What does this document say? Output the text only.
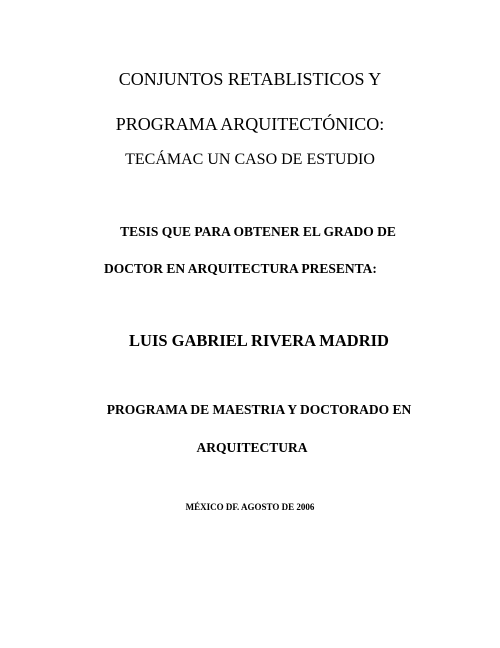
CONJUNTOS RETABLISTICOS Y
PROGRAMA ARQUITECTÓNICO:
TECÁMAC UN CASO DE ESTUDIO
TESIS QUE PARA OBTENER EL GRADO DE
DOCTOR EN ARQUITECTURA PRESENTA:
LUIS GABRIEL RIVERA MADRID
PROGRAMA DE MAESTRIA Y DOCTORADO EN
ARQUITECTURA
MÉXICO DF. AGOSTO DE 2006
